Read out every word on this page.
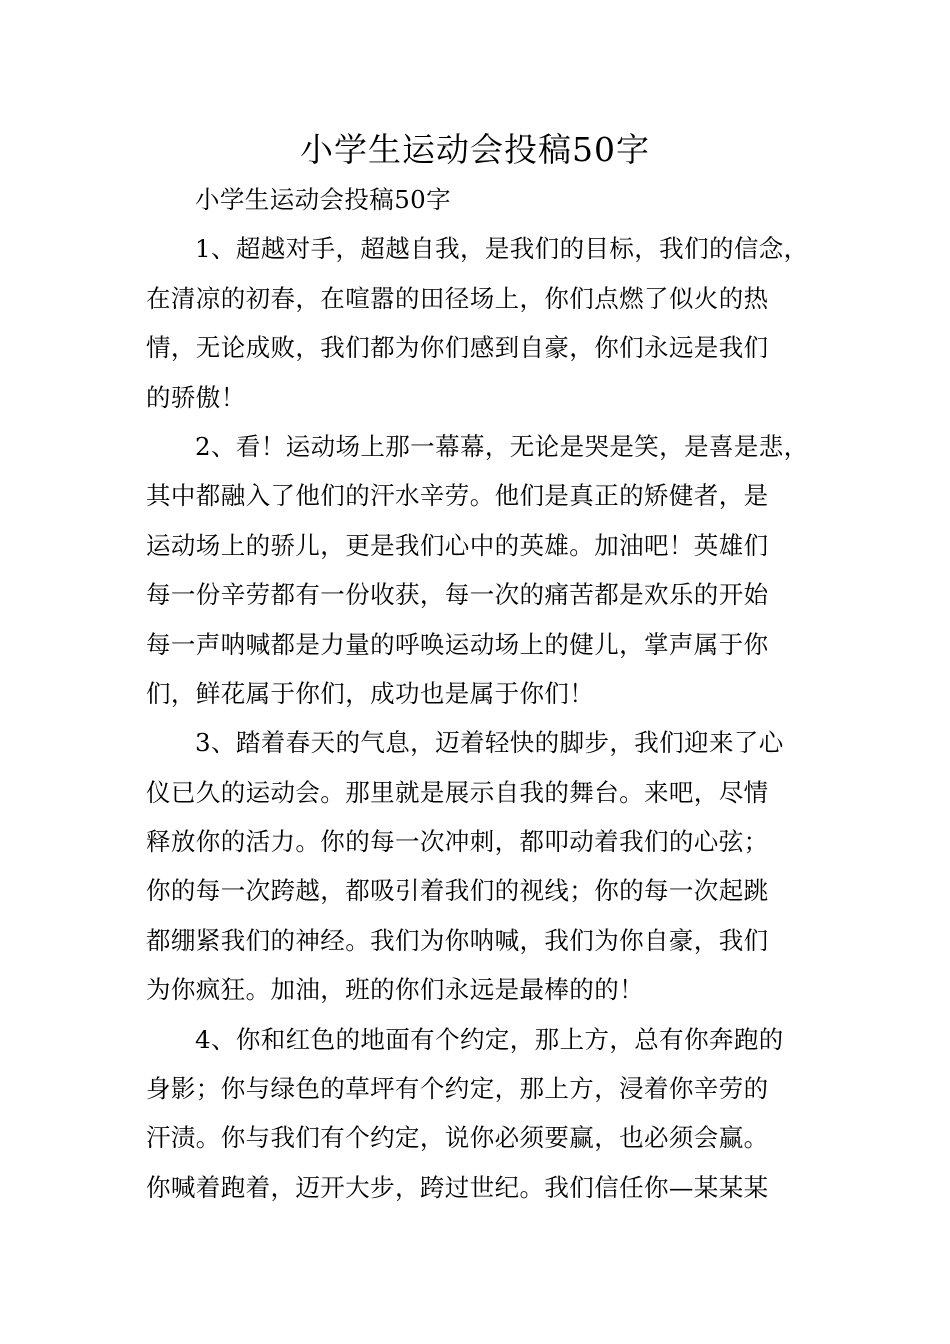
小学生运动会投稿50字
小学生运动会投稿50字
1、超越对手，超越自我，是我们的目标，我们的信念，
在清凉的初春，在喧嚣的田径场上，你们点燃了似火的热
情，无论成败，我们都为你们感到自豪，你们永远是我们
的骄傲！
2、看！运动场上那一幕幕，无论是哭是笑，是喜是悲，
其中都融入了他们的汗水辛劳。他们是真正的矫健者，是
运动场上的骄儿，更是我们心中的英雄。加油吧！英雄们
每一份辛劳都有一份收获，每一次的痛苦都是欢乐的开始
每一声呐喊都是力量的呼唤运动场上的健儿，掌声属于你
们，鲜花属于你们，成功也是属于你们！
3、踏着春天的气息，迈着轻快的脚步，我们迎来了心
仪已久的运动会。那里就是展示自我的舞台。来吧，尽情
释放你的活力。你的每一次冲刺，都叩动着我们的心弦；
你的每一次跨越，都吸引着我们的视线；你的每一次起跳
都绷紧我们的神经。我们为你呐喊，我们为你自豪，我们
为你疯狂。加油，班的你们永远是最棒的的！
4、你和红色的地面有个约定，那上方，总有你奔跑的
身影；你与绿色的草坪有个约定，那上方，浸着你辛劳的
汗渍。你与我们有个约定，说你必须要赢，也必须会赢。
你喊着跑着，迈开大步，跨过世纪。我们信任你—某某某
